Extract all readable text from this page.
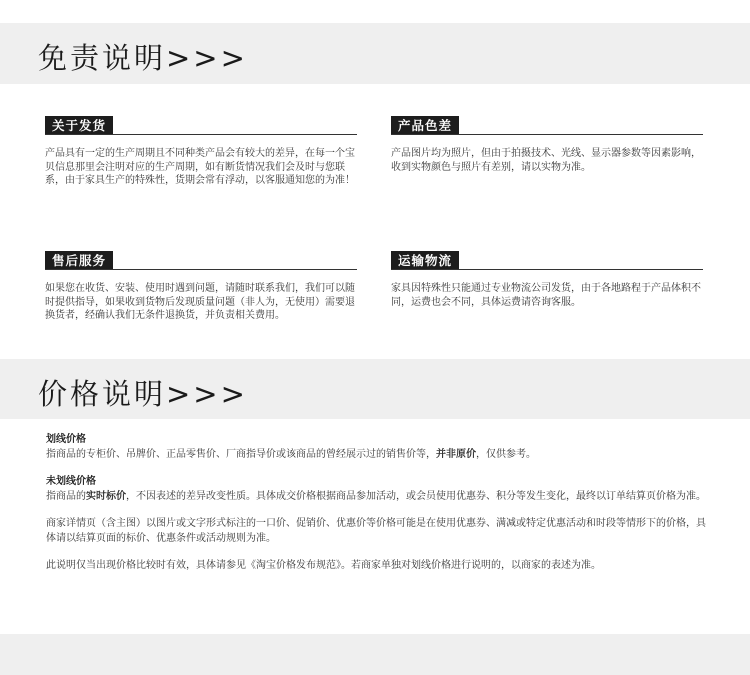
免责说明>>>
关于发货
产品具有一定的生产周期且不同种类产品会有较大的差异，在每一个宝贝信息那里会注明对应的生产周期，如有断货情况我们会及时与您联系，由于家具生产的特殊性，货期会常有浮动，以客服通知您的为准！
产品色差
产品图片均为照片，但由于拍摄技术、光线、显示器参数等因素影响，收到实物颜色与照片有差别，请以实物为准。
售后服务
如果您在收货、安装、使用时遇到问题，请随时联系我们，我们可以随时提供指导，如果收到货物后发现质量问题（非人为，无使用）需要退换货者，经确认我们无条件退换货，并负责相关费用。
运输物流
家具因特殊性只能通过专业物流公司发货，由于各地路程于产品体积不同，运费也会不同，具体运费请咨询客服。
价格说明>>>
划线价格
指商品的专柜价、吊牌价、正品零售价、厂商指导价或该商品的曾经展示过的销售价等，并非原价，仅供参考。
未划线价格
指商品的实时标价，不因表述的差异改变性质。具体成交价格根据商品参加活动，或会员使用优惠券、积分等发生变化，最终以订单结算页价格为准。
商家详情页（含主图）以图片或文字形式标注的一口价、促销价、优惠价等价格可能是在使用优惠券、满减或特定优惠活动和时段等情形下的价格，具体请以结算页面的标价、优惠条件或活动规则为准。
此说明仅当出现价格比较时有效，具体请参见《淘宝价格发布规范》。若商家单独对划线价格进行说明的，以商家的表述为准。
